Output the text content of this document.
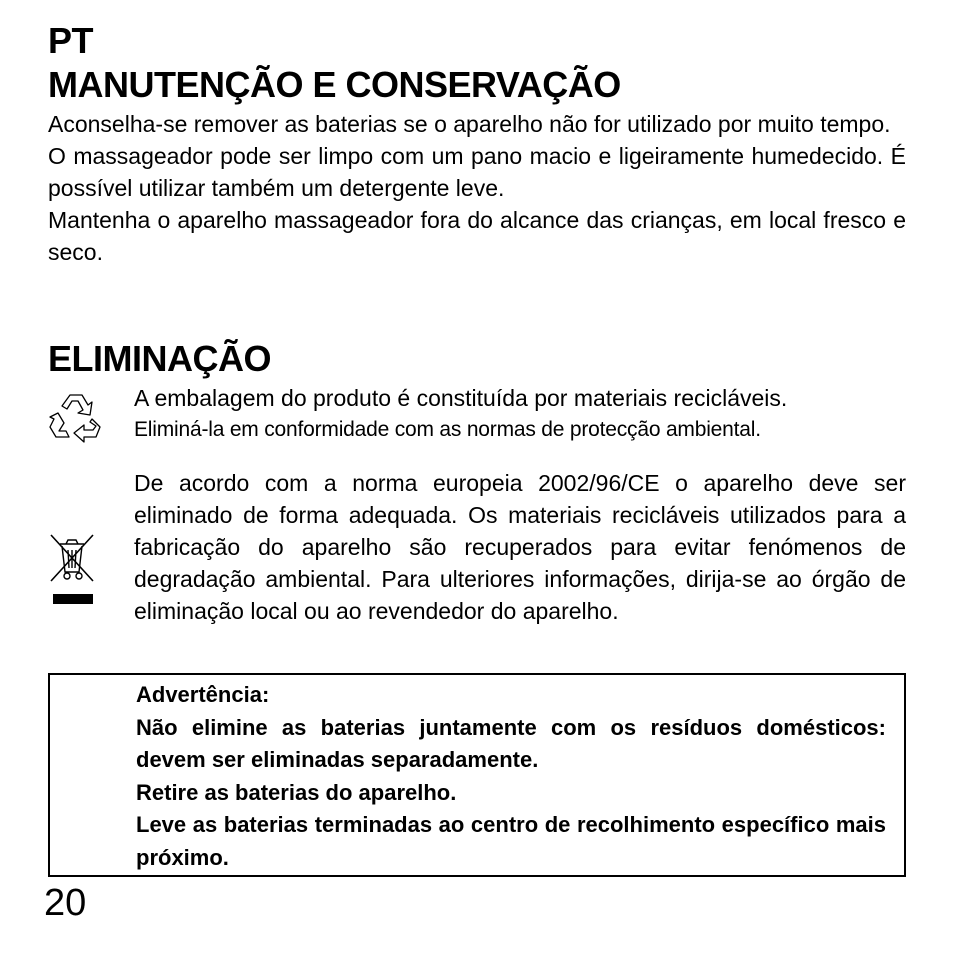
PT
MANUTENÇÃO E CONSERVAÇÃO

Aconselha-se remover as baterias se o aparelho não for utilizado por muito tempo.

O massageador pode ser limpo com um pano macio e ligeiramente humedecido. É possível utilizar também um detergente leve.

Mantenha o aparelho massageador fora do alcance das crianças, em local fresco e seco.

ELIMINAÇÃO

A embalagem do produto é constituída por materiais recicláveis.

Eliminá-la em conformidade com as normas de protecção ambiental.

De acordo com a norma europeia 2002/96/CE o aparelho deve ser eliminado de forma adequada. Os materiais recicláveis utilizados para a fabricação do aparelho são recuperados para evitar fenómenos de degradação ambiental. Para ulteriores informações, dirija-se ao órgão de eliminação local ou ao revendedor do aparelho.

Advertência:

Não elimine as baterias juntamente com os resíduos domésticos: devem ser eliminadas separadamente.

Retire as baterias do aparelho.

Leve as baterias terminadas ao centro de recolhimento específico mais próximo.

20
